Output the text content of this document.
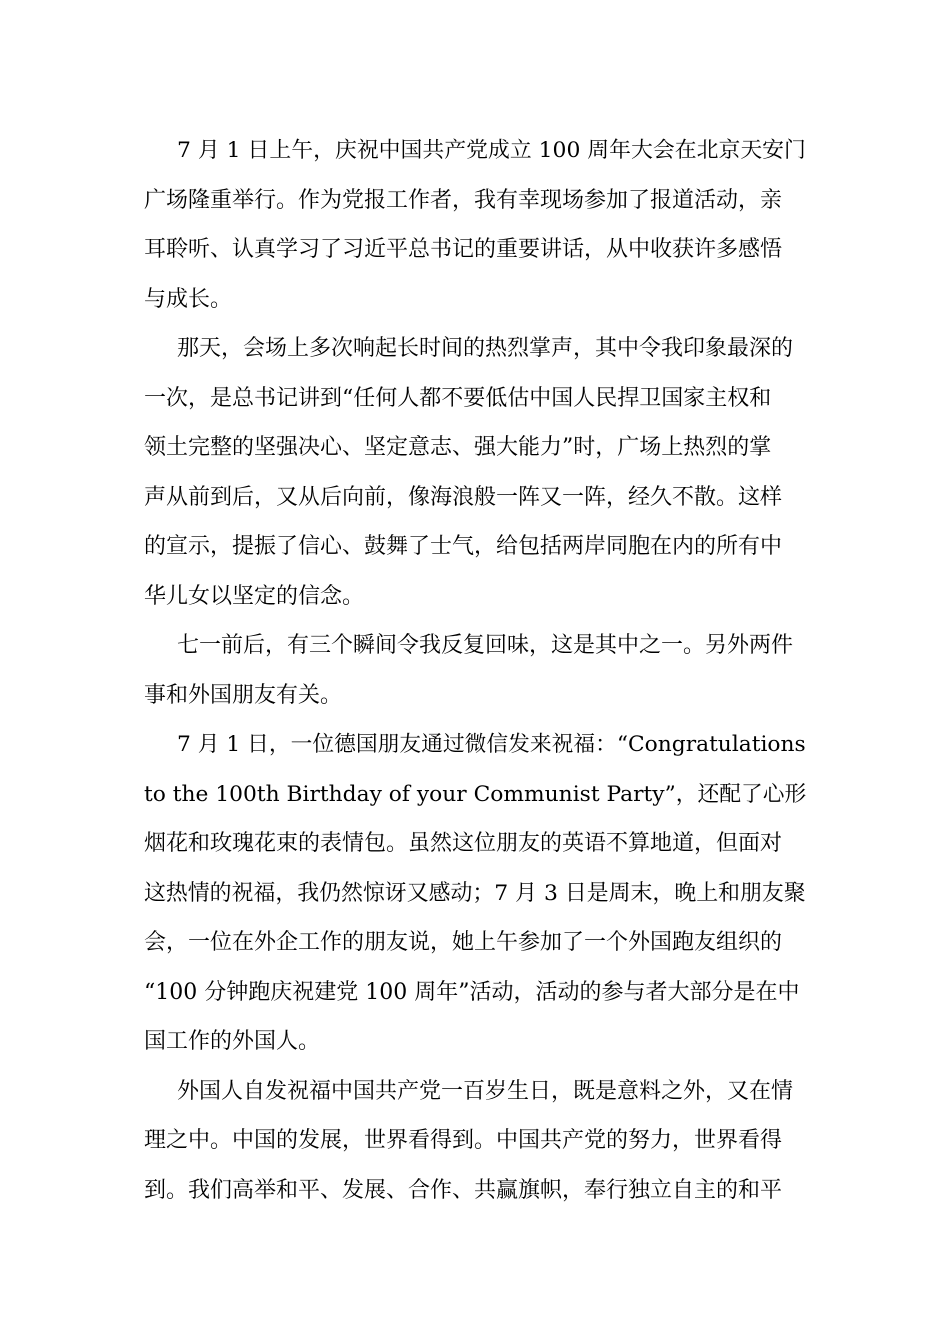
7 月 1 日上午，庆祝中国共产党成立 100 周年大会在北京天安门
广场隆重举行。作为党报工作者，我有幸现场参加了报道活动，亲
耳聆听、认真学习了习近平总书记的重要讲话，从中收获许多感悟
与成长。
那天，会场上多次响起长时间的热烈掌声，其中令我印象最深的
一次，是总书记讲到“任何人都不要低估中国人民捍卫国家主权和
领土完整的坚强决心、坚定意志、强大能力”时，广场上热烈的掌
声从前到后，又从后向前，像海浪般一阵又一阵，经久不散。这样
的宣示，提振了信心、鼓舞了士气，给包括两岸同胞在内的所有中
华儿女以坚定的信念。
七一前后，有三个瞬间令我反复回味，这是其中之一。另外两件
事和外国朋友有关。
7 月 1 日，一位德国朋友通过微信发来祝福：“Congratulations
to the 100th Birthday of your Communist Party”，还配了心形
烟花和玫瑰花束的表情包。虽然这位朋友的英语不算地道，但面对
这热情的祝福，我仍然惊讶又感动；7 月 3 日是周末，晚上和朋友聚
会，一位在外企工作的朋友说，她上午参加了一个外国跑友组织的
“100 分钟跑庆祝建党 100 周年”活动，活动的参与者大部分是在中
国工作的外国人。
外国人自发祝福中国共产党一百岁生日，既是意料之外，又在情
理之中。中国的发展，世界看得到。中国共产党的努力，世界看得
到。我们高举和平、发展、合作、共赢旗帜，奉行独立自主的和平
